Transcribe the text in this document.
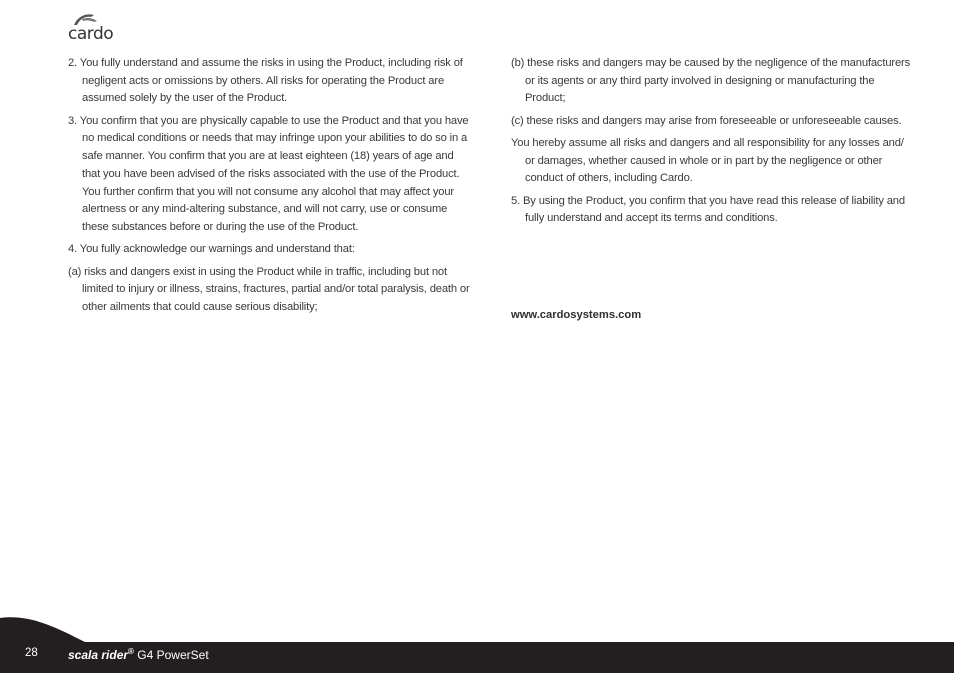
cardo

2. You fully understand and assume the risks in using the Product, including risk of negligent acts or omissions by others. All risks for operating the Product are assumed solely by the user of the Product.

3. You confirm that you are physically capable to use the Product and that you have no medical conditions or needs that may infringe upon your abilities to do so in a safe manner. You confirm that you are at least eighteen (18) years of age and that you have been advised of the risks associated with the use of the Product. You further confirm that you will not consume any alcohol that may affect your alertness or any mind-altering substance, and will not carry, use or consume these substances before or during the use of the Product.

4. You fully acknowledge our warnings and understand that:

(a) risks and dangers exist in using the Product while in traffic, including but not limited to injury or illness, strains, fractures, partial and/or total paralysis, death or other ailments that could cause serious disability;

(b) these risks and dangers may be caused by the negligence of the manufacturers or its agents or any third party involved in designing or manufacturing the Product;

(c) these risks and dangers may arise from foreseeable or unforeseeable causes.

You hereby assume all risks and dangers and all responsibility for any losses and/ or damages, whether caused in whole or in part by the negligence or other conduct of others, including Cardo.

5. By using the Product, you confirm that you have read this release of liability and fully understand and accept its terms and conditions.

www.cardosystems.com
28	scala rider® G4 PowerSet
